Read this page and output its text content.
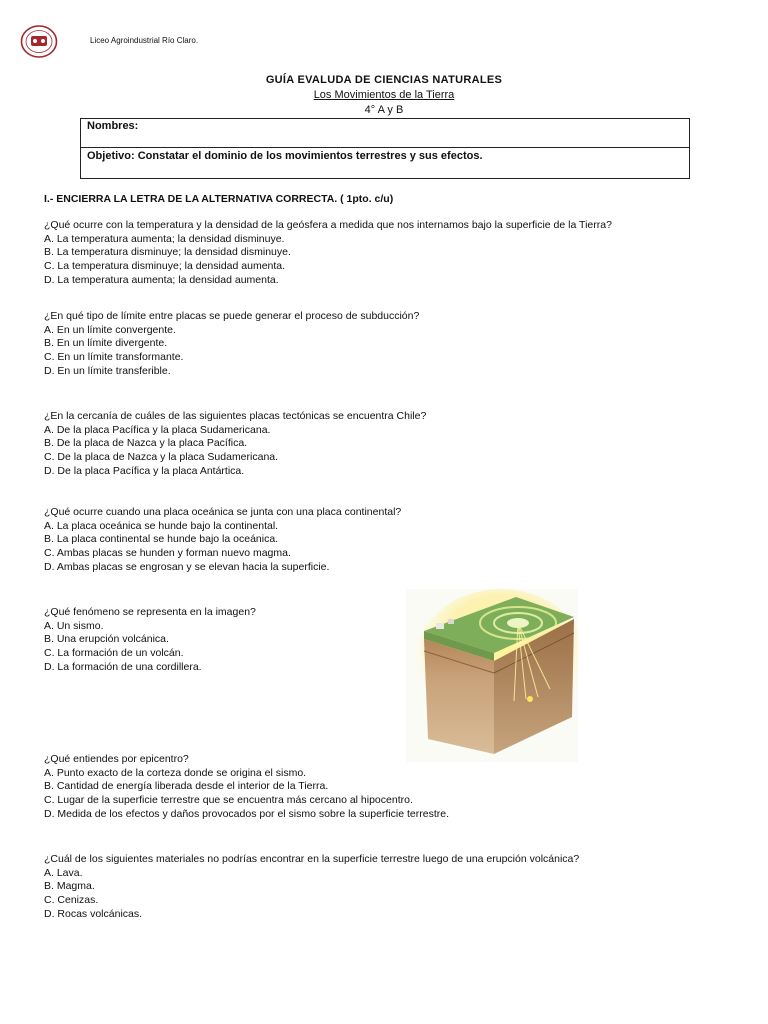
Liceo Agroindustrial Río Claro.
GUÍA EVALUDA DE CIENCIAS NATURALES
Los Movimientos de la Tierra
4° A y B
Nombres:
Objetivo: Constatar el dominio de los movimientos terrestres y sus efectos.
I.- ENCIERRA LA LETRA DE LA ALTERNATIVA CORRECTA. ( 1pto. c/u)
¿Qué ocurre con la temperatura y la densidad de la geósfera a medida que nos internamos bajo la superficie de la Tierra?
A. La temperatura aumenta; la densidad disminuye.
B. La temperatura disminuye; la densidad disminuye.
C. La temperatura disminuye; la densidad aumenta.
D. La temperatura aumenta; la densidad aumenta.
¿En qué tipo de límite entre placas se puede generar el proceso de subducción?
A. En un límite convergente.
B. En un límite divergente.
C. En un límite transformante.
D. En un límite transferible.
¿En la cercanía de cuáles de las siguientes placas tectónicas se encuentra Chile?
A. De la placa Pacífica y la placa Sudamericana.
B. De la placa de Nazca y la placa Pacífica.
C. De la placa de Nazca y la placa Sudamericana.
D. De la placa Pacífica y la placa Antártica.
¿Qué ocurre cuando una placa oceánica se junta con una placa continental?
A. La placa oceánica se hunde bajo la continental.
B. La placa continental se hunde bajo la oceánica.
C. Ambas placas se hunden y forman nuevo magma.
D. Ambas placas se engrosan y se elevan hacia la superficie.
¿Qué fenómeno se representa en la imagen?
A. Un sismo.
B. Una erupción volcánica.
C. La formación de un volcán.
D. La formación de una cordillera.
¿Qué entiendes por epicentro?
A. Punto exacto de la corteza donde se origina el sismo.
B. Cantidad de energía liberada desde el interior de la Tierra.
C. Lugar de la superficie terrestre que se encuentra más cercano al hipocentro.
D. Medida de los efectos y daños provocados por el sismo sobre la superficie terrestre.
¿Cuál de los siguientes materiales no podrías encontrar en la superficie terrestre luego de una erupción volcánica?
A. Lava.
B. Magma.
C. Cenizas.
D. Rocas volcánicas.
